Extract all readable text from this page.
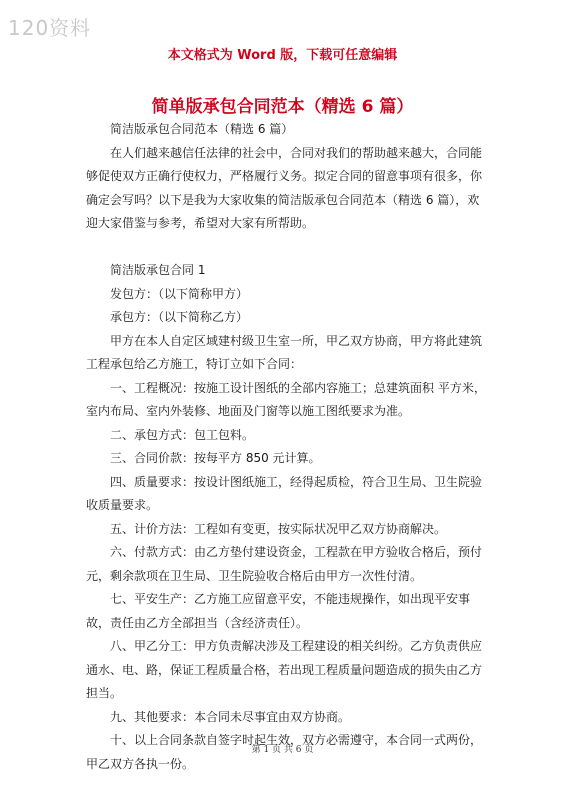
120资料
本文格式为 Word 版，下载可任意编辑
简单版承包合同范本（精选 6 篇）

简洁版承包合同范本（精选 6 篇）

在人们越来越信任法律的社会中，合同对我们的帮助越来越大，合同能够促使双方正确行使权力，严格履行义务。拟定合同的留意事项有很多，你确定会写吗？以下是我为大家收集的简洁版承包合同范本（精选 6 篇），欢迎大家借鉴与参考，希望对大家有所帮助。

简洁版承包合同 1

发包方：（以下简称甲方）

承包方：（以下简称乙方）

甲方在本人自定区域建村级卫生室一所，甲乙双方协商，甲方将此建筑工程承包给乙方施工，特订立如下合同：

一、工程概况：按施工设计图纸的全部内容施工；总建筑面积 平方米，室内布局、室内外装修、地面及门窗等以施工图纸要求为准。

二、承包方式：包工包料。

三、合同价款：按每平方 850 元计算。

四、质量要求：按设计图纸施工，经得起质检，符合卫生局、卫生院验收质量要求。

五、计价方法：工程如有变更，按实际状况甲乙双方协商解决。

六、付款方式：由乙方垫付建设资金，工程款在甲方验收合格后，预付 元，剩余款项在卫生局、卫生院验收合格后由甲方一次性付清。

七、平安生产：乙方施工应留意平安，不能违规操作，如出现平安事故，责任由乙方全部担当（含经济责任）。

八、甲乙分工：甲方负责解决涉及工程建设的相关纠纷。乙方负责供应通水、电、路，保证工程质量合格，若出现工程质量问题造成的损失由乙方担当。

九、其他要求：本合同未尽事宜由双方协商。

十、以上合同条款自签字时起生效，双方必需遵守，本合同一式两份，甲乙双方各执一份。

第 1 页 共 6 页
